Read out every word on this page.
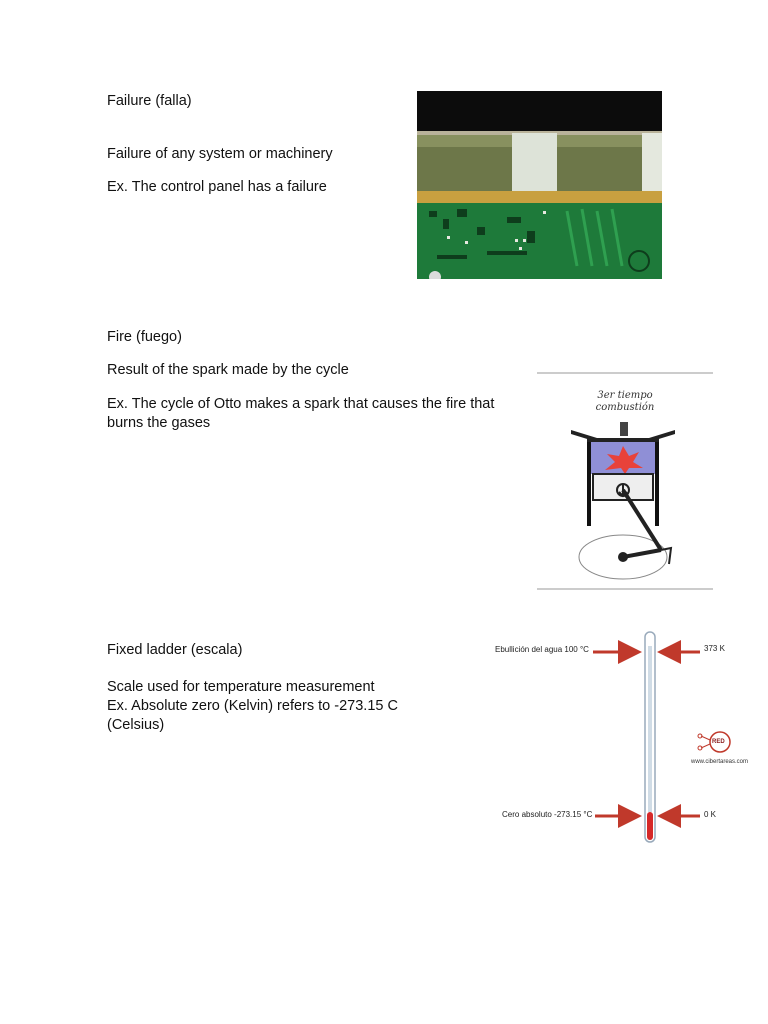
Failure (falla)
Failure of any system or machinery
Ex. The control panel has a failure
Fire (fuego)
Result of the spark made by the cycle
Ex. The cycle of Otto makes a spark that causes the fire that
burns the gases
3er tiempo
combustión
Fixed ladder (escala)
Scale used for temperature measurement
Ex. Absolute zero (Kelvin) refers to -273.15 C
(Celsius)
Ebullición del agua 100 °C	373 K
Cero absoluto -273.15 °C	0 K
RED
www.cibertareas.com
